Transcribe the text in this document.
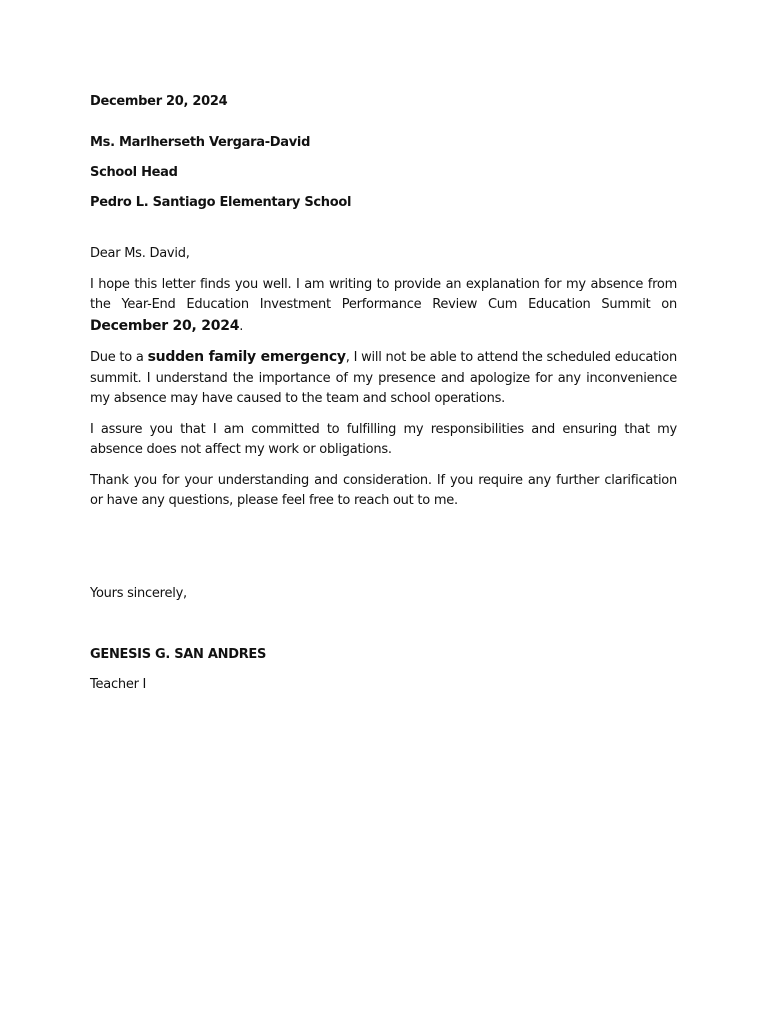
December 20, 2024

Ms. Marlherseth Vergara-David

School Head

Pedro L. Santiago Elementary School

Dear Ms. David,

I hope this letter finds you well. I am writing to provide an explanation for my absence from the Year-End Education Investment Performance Review Cum Education Summit on December 20, 2024.

Due to a sudden family emergency, I will not be able to attend the scheduled education summit. I understand the importance of my presence and apologize for any inconvenience my absence may have caused to the team and school operations.

I assure you that I am committed to fulfilling my responsibilities and ensuring that my absence does not affect my work or obligations.

Thank you for your understanding and consideration. If you require any further clarification or have any questions, please feel free to reach out to me.

Yours sincerely,

GENESIS G. SAN ANDRES

Teacher I
